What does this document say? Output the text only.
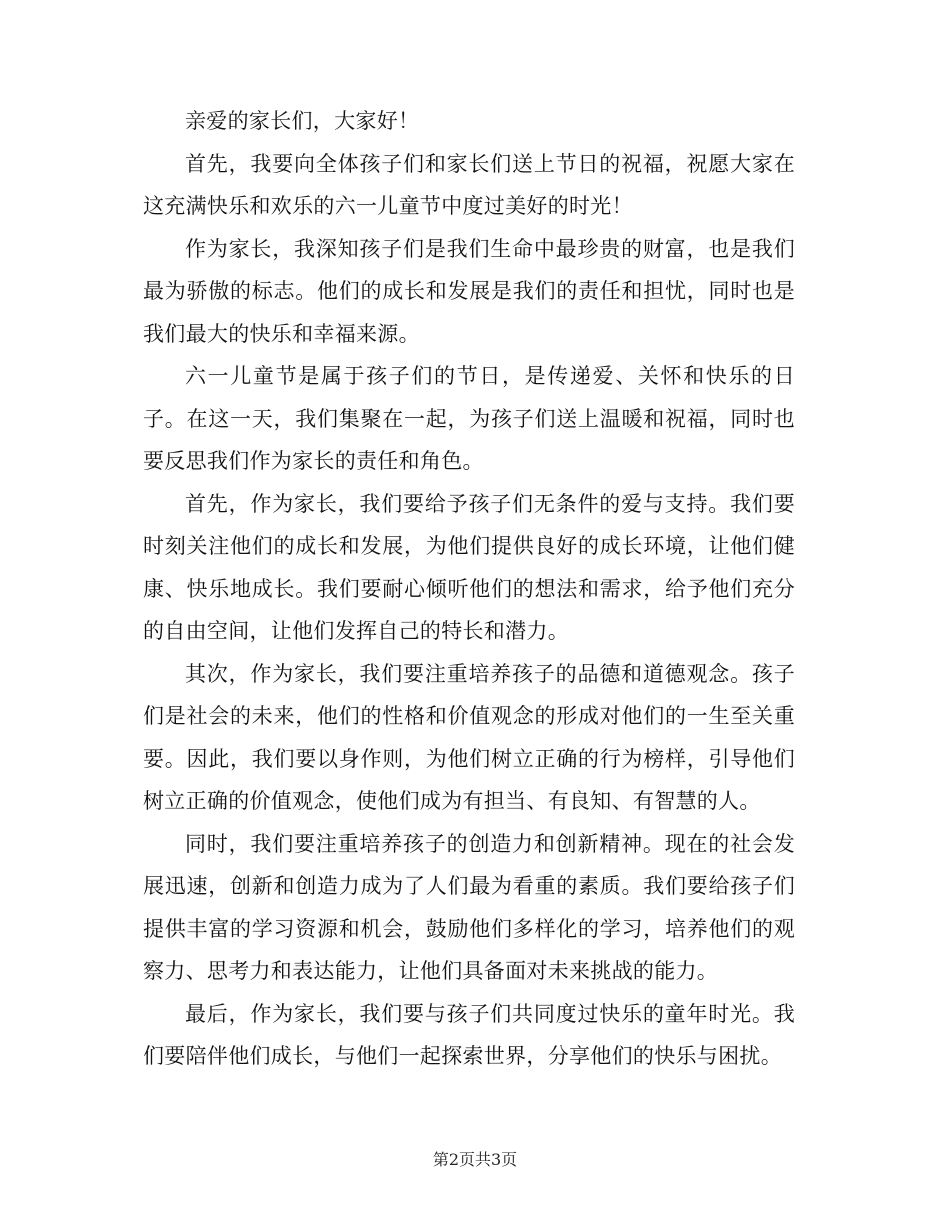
亲爱的家长们，大家好！

首先，我要向全体孩子们和家长们送上节日的祝福，祝愿大家在这充满快乐和欢乐的六一儿童节中度过美好的时光！

作为家长，我深知孩子们是我们生命中最珍贵的财富，也是我们最为骄傲的标志。他们的成长和发展是我们的责任和担忧，同时也是我们最大的快乐和幸福来源。

六一儿童节是属于孩子们的节日，是传递爱、关怀和快乐的日子。在这一天，我们集聚在一起，为孩子们送上温暖和祝福，同时也要反思我们作为家长的责任和角色。

首先，作为家长，我们要给予孩子们无条件的爱与支持。我们要时刻关注他们的成长和发展，为他们提供良好的成长环境，让他们健康、快乐地成长。我们要耐心倾听他们的想法和需求，给予他们充分的自由空间，让他们发挥自己的特长和潜力。

其次，作为家长，我们要注重培养孩子的品德和道德观念。孩子们是社会的未来，他们的性格和价值观念的形成对他们的一生至关重要。因此，我们要以身作则，为他们树立正确的行为榜样，引导他们树立正确的价值观念，使他们成为有担当、有良知、有智慧的人。

同时，我们要注重培养孩子的创造力和创新精神。现在的社会发展迅速，创新和创造力成为了人们最为看重的素质。我们要给孩子们提供丰富的学习资源和机会，鼓励他们多样化的学习，培养他们的观察力、思考力和表达能力，让他们具备面对未来挑战的能力。

最后，作为家长，我们要与孩子们共同度过快乐的童年时光。我们要陪伴他们成长，与他们一起探索世界，分享他们的快乐与困扰。

第2页共3页
